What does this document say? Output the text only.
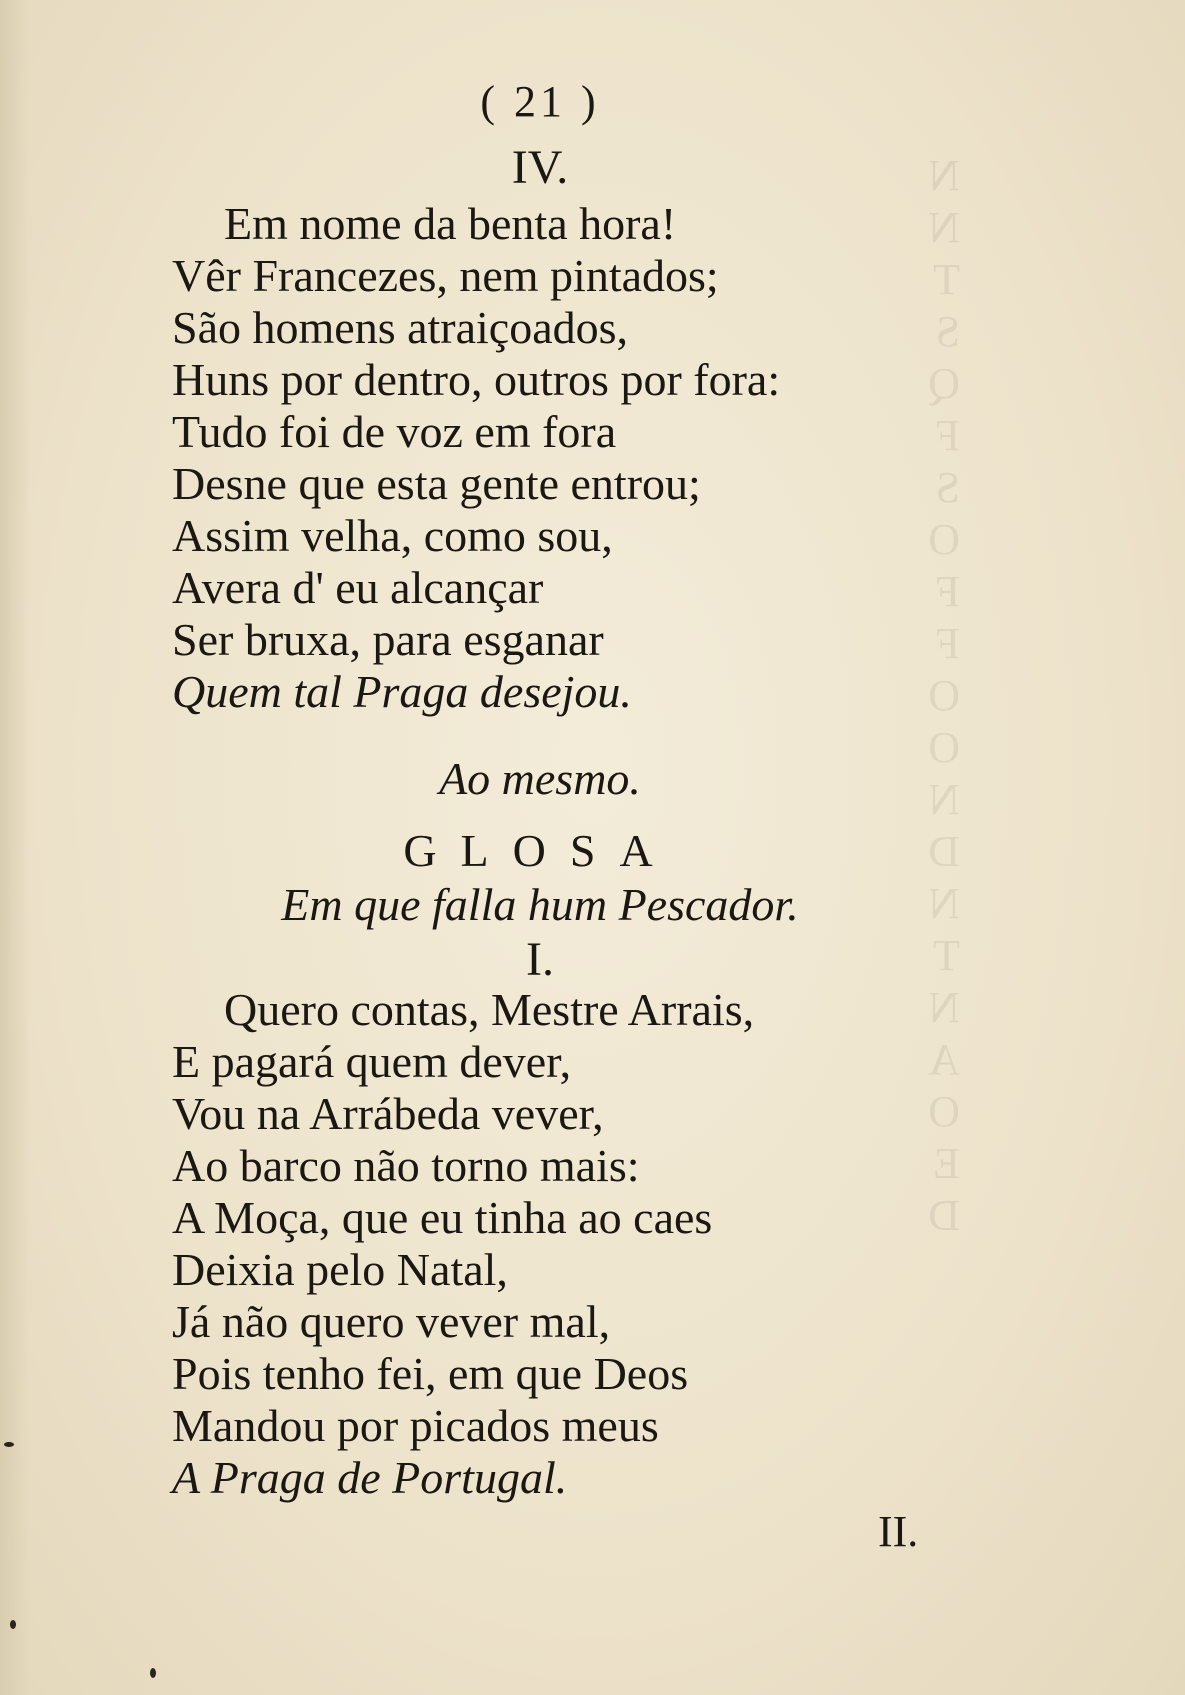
N
N
T
S
Q
F
S
O
F
F
O
O
N
D
N
T
N
A
O
E
D
( 21 )
IV.
Em nome da benta hora!
Vêr Francezes, nem pintados;
São homens atraiçoados,
Huns por dentro, outros por fora:
Tudo foi de voz em fora
Desne que esta gente entrou;
Assim velha, como sou,
Avera d' eu alcançar
Ser bruxa, para esganar
Quem tal Praga desejou.
Ao mesmo.
GLOSA
Em que falla hum Pescador.
I.
Quero contas, Mestre Arrais,
E pagará quem dever,
Vou na Arrábeda vever,
Ao barco não torno mais:
A Moça, que eu tinha ao caes
Deixia pelo Natal,
Já não quero vever mal,
Pois tenho fei, em que Deos
Mandou por picados meus
A Praga de Portugal.
II.
